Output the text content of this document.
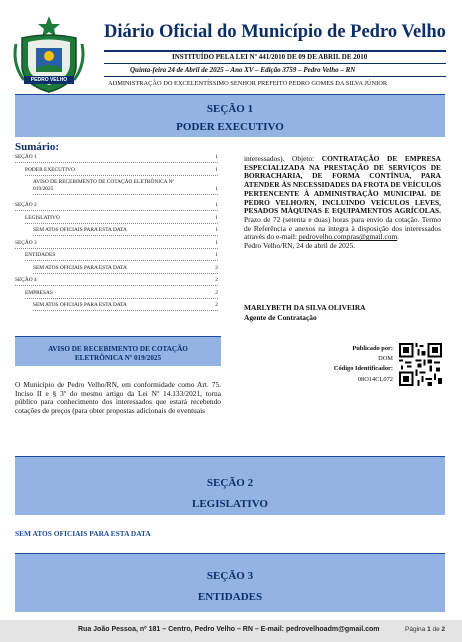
PEDRO VELHO
Diário Oficial do Município de Pedro Velho
INSTITUÍDO PELA LEI Nº 441/2010 DE 09 DE ABRIL DE 2010
Quinta-feira 24 de Abril de 2025 – Ano XV – Edição 3759 – Pedro Velho – RN
ADMINISTRAÇÃO DO EXCELENTÍSSIMO SENHOR PREFEITO PEDRO GOMES DA SILVA JÚNIOR
SEÇÃO 1
PODER EXECUTIVO
Sumário:
SEÇÃO 1	1
PODER EXECUTIVO	1
AVISO DE RECEBIMENTO DE COTAÇÃO ELETRÔNICA Nº
019/2025	1
SEÇÃO 2	1
LEGISLATIVO	1
SEM ATOS OFICIAIS PARA ESTA DATA	1
SEÇÃO 3	1
ENTIDADES	1
SEM ATOS OFICIAIS PARA ESTA DATA	2
SEÇÃO 4	2
EMPRESAS	2
SEM ATOS OFICIAIS PARA ESTA DATA	2
AVISO DE RECEBIMENTO DE COTAÇÃO
ELETRÔNICA Nº 019/2025
O Município de Pedro Velho/RN, em conformidade como Art. 75. Inciso II e § 3º do mesmo artigo da Lei Nº 14.133/2021, torna público para conhecimento dos interessados que estará recebendo cotações de preços (para obter propostas adicionais de eventuais
interessados). Objeto: CONTRATAÇÃO DE EMPRESA ESPECIALIZADA NA PRESTAÇÃO DE SERVIÇOS DE BORRACHARIA, DE FORMA CONTÍNUA, PARA ATENDER ÀS NECESSIDADES DA FROTA DE VEÍCULOS PERTENCENTE À ADMINISTRAÇÃO MUNICIPAL DE PEDRO VELHO/RN, INCLUINDO VEÍCULOS LEVES, PESADOS MÁQUINAS E EQUIPAMENTOS AGRÍCOLAS. Prazo de 72 (setenta e duas) horas para envio da cotação. Termo de Referência e anexos na íntegra à disposição dos interessados através do e-mail: pedrovelho.compras@gmail.com.
Pedro Velho/RN, 24 de abril de 2025.
MARLYBETH DA SILVA OLIVEIRA
Agente de Contratação
Publicado por:
DOM
Código Identificador:
08O14CL072
SEÇÃO 2
LEGISLATIVO
SEM ATOS OFICIAIS PARA ESTA DATA
SEÇÃO 3
ENTIDADES
Rua João Pessoa, nº 181 – Centro, Pedro Velho – RN – E-mail: pedrovelhoadm@gmail.com	Página 1 de 2
